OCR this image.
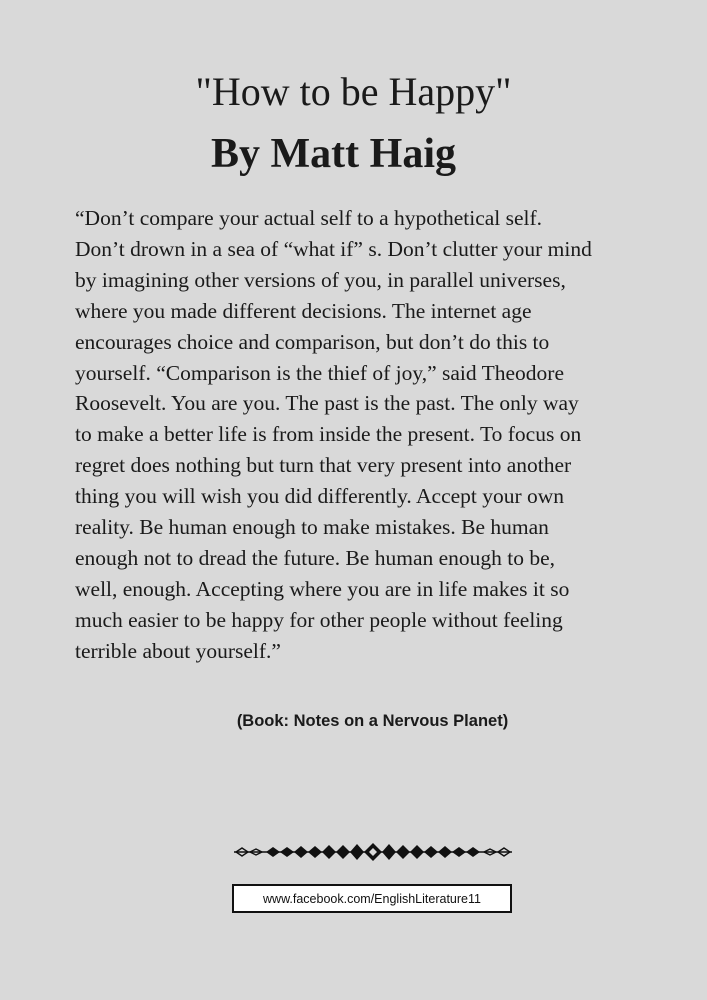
"How to be Happy"
By Matt Haig
“Don’t compare your actual self to a hypothetical self.
Don’t drown in a sea of “what if” s. Don’t clutter your mind
by imagining other versions of you, in parallel universes,
where you made different decisions. The internet age
encourages choice and comparison, but don’t do this to
yourself. “Comparison is the thief of joy,” said Theodore
Roosevelt. You are you. The past is the past. The only way
to make a better life is from inside the present. To focus on
regret does nothing but turn that very present into another
thing you will wish you did differently. Accept your own
reality. Be human enough to make mistakes. Be human
enough not to dread the future. Be human enough to be,
well, enough. Accepting where you are in life makes it so
much easier to be happy for other people without feeling
terrible about yourself.”
(Book: Notes on a Nervous Planet)
www.facebook.com/EnglishLiterature11
